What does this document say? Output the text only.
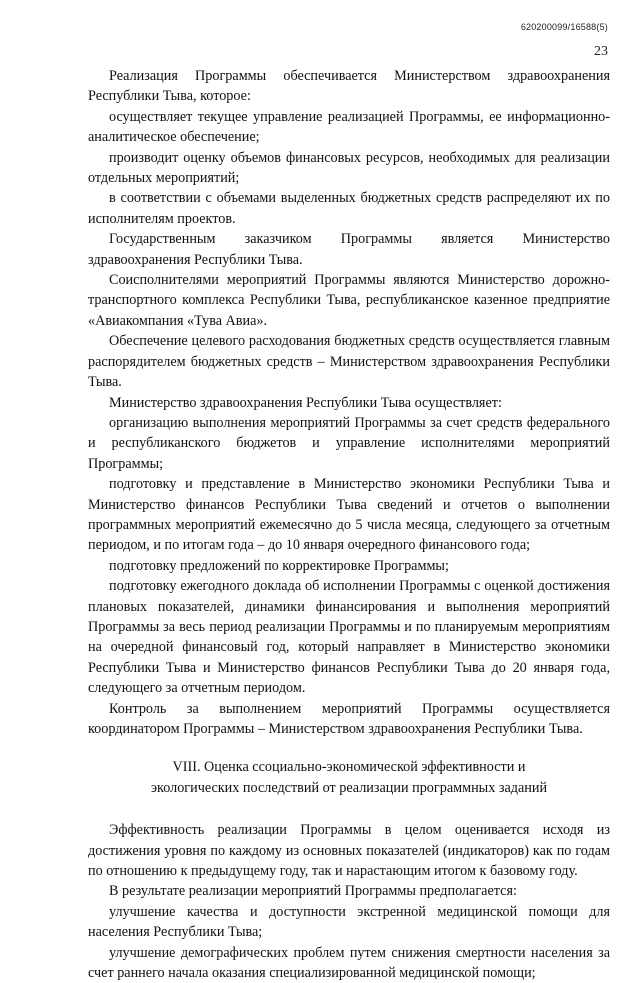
620200099/16588(5)
23

Реализация Программы обеспечивается Министерством здравоохранения Республики Тыва, которое:

осуществляет текущее управление реализацией Программы, ее информационно-аналитическое обеспечение;

производит оценку объемов финансовых ресурсов, необходимых для реализации отдельных мероприятий;

в соответствии с объемами выделенных бюджетных средств распределяют их по исполнителям проектов.

Государственным заказчиком Программы является Министерство здравоохранения Республики Тыва.

Соисполнителями мероприятий Программы являются Министерство дорожно-транспортного комплекса Республики Тыва, республиканское казенное предприятие «Авиакомпания «Тува Авиа».

Обеспечение целевого расходования бюджетных средств осуществляется главным распорядителем бюджетных средств – Министерством здравоохранения Республики Тыва.

Министерство здравоохранения Республики Тыва осуществляет:

организацию выполнения мероприятий Программы за счет средств федерального и республиканского бюджетов и управление исполнителями мероприятий Программы;

подготовку и представление в Министерство экономики Республики Тыва и Министерство финансов Республики Тыва сведений и отчетов о выполнении программных мероприятий ежемесячно до 5 числа месяца, следующего за отчетным периодом, и по итогам года – до 10 января очередного финансового года;

подготовку предложений по корректировке Программы;

подготовку ежегодного доклада об исполнении Программы с оценкой достижения плановых показателей, динамики финансирования и выполнения мероприятий Программы за весь период реализации Программы и по планируемым мероприятиям на очередной финансовый год, который направляет в Министерство экономики Республики Тыва и Министерство финансов Республики Тыва до 20 января года, следующего за отчетным периодом.

Контроль за выполнением мероприятий Программы осуществляется координатором Программы – Министерством здравоохранения Республики Тыва.

VIII. Оценка ссоциально-экономической эффективности и
экологических последствий от реализации программных заданий

Эффективность реализации Программы в целом оценивается исходя из достижения уровня по каждому из основных показателей (индикаторов) как по годам по отношению к предыдущему году, так и нарастающим итогом к базовому году.

В результате реализации мероприятий Программы предполагается:

улучшение качества и доступности экстренной медицинской помощи для населения Республики Тыва;

улучшение демографических проблем путем снижения смертности населения за счет раннего начала оказания специализированной медицинской помощи;
